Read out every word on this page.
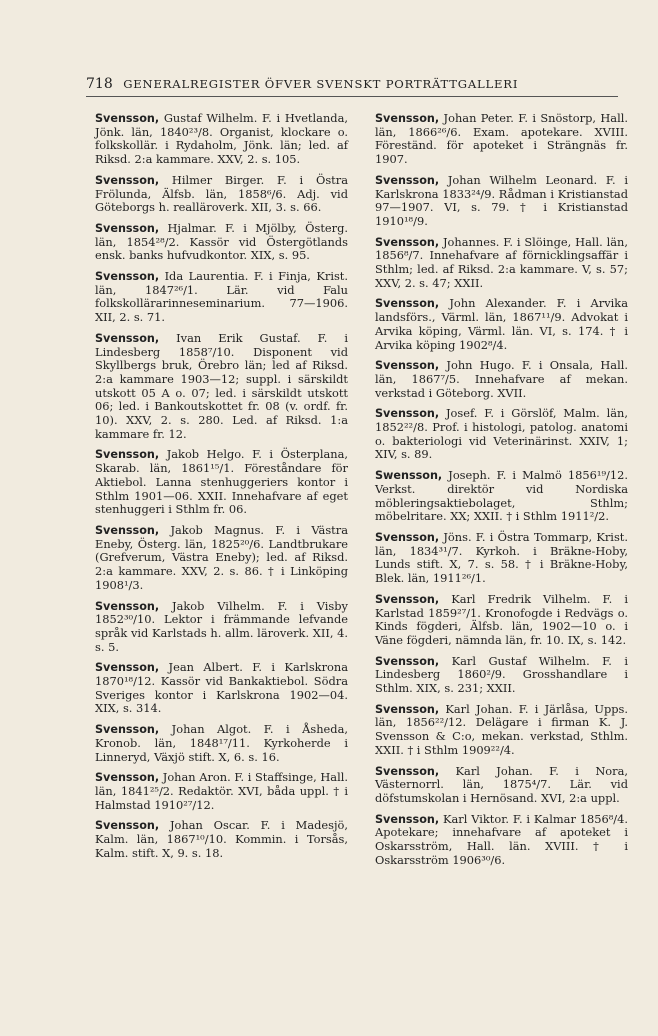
718 GENERALREGISTER ÖFVER SVENSKT PORTRÄTTGALLERI

Svensson, Gustaf Wilhelm. F. i Hvetlanda, Jönk. län, 1840²³/8. Organist, klockare o. folkskollär. i Rydaholm, Jönk. län; led. af Riksd. 2:a kammare. XXV, 2. s. 105.

Svensson, Hilmer Birger. F. i Östra Frölunda, Älfsb. län, 1858⁶/6. Adj. vid Göteborgs h. realläroverk. XII, 3. s. 66.

Svensson, Hjalmar. F. i Mjölby, Österg. län, 1854²⁸/2. Kassör vid Östergötlands ensk. banks hufvudkontor. XIX, s. 95.

Svensson, Ida Laurentia. F. i Finja, Krist. län, 1847²⁶/1. Lär. vid Falu folkskollärarinneseminarium. 77—1906. XII, 2. s. 71.

Svensson, Ivan Erik Gustaf. F. i Lindesberg 1858⁷/10. Disponent vid Skyllbergs bruk, Örebro län; led af Riksd. 2:a kammare 1903—12; suppl. i särskildt utskott 05 A o. 07; led. i särskildt utskott 06; led. i Bankoutskottet fr. 08 (v. ordf. fr. 10). XXV, 2. s. 280. Led. af Riksd. 1:a kammare fr. 12.

Svensson, Jakob Helgo. F. i Österplana, Skarab. län, 1861¹⁵/1. Föreståndare för Aktiebol. Lanna stenhuggeriers kontor i Sthlm 1901—06. XXII. Innehafvare af eget stenhuggeri i Sthlm fr. 06.

Svensson, Jakob Magnus. F. i Västra Eneby, Österg. län, 1825²⁰/6. Landtbrukare (Grefverum, Västra Eneby); led. af Riksd. 2:a kammare. XXV, 2. s. 86. † i Linköping 1908¹/3.

Svensson, Jakob Vilhelm. F. i Visby 1852³⁰/10. Lektor i främmande lefvande språk vid Karlstads h. allm. läroverk. XII, 4. s. 5.

Svensson, Jean Albert. F. i Karlskrona 1870¹⁸/12. Kassör vid Bankaktiebol. Södra Sveriges kontor i Karlskrona 1902—04. XIX, s. 314.

Svensson, Johan Algot. F. i Åsheda, Kronob. län, 1848¹⁷/11. Kyrkoherde i Linneryd, Växjö stift. X, 6. s. 16.

Svensson, Johan Aron. F. i Staffsinge, Hall. län, 1841²⁵/2. Redaktör. XVI, båda uppl. † i Halmstad 1910²⁷/12.

Svensson, Johan Oscar. F. i Madesjö, Kalm. län, 1867¹⁰/10. Kommin. i Torsås, Kalm. stift. X, 9. s. 18.

Svensson, Johan Peter. F. i Snöstorp, Hall. län, 1866²⁶/6. Exam. apotekare. XVIII. Föreständ. för apoteket i Strängnäs fr. 1907.

Svensson, Johan Wilhelm Leonard. F. i Karlskrona 1833²⁴/9. Rådman i Kristianstad 97—1907. VI, s. 79. † i Kristianstad 1910¹⁸/9.

Svensson, Johannes. F. i Slöinge, Hall. län, 1856⁸/7. Innehafvare af förnicklingsaffär i Sthlm; led. af Riksd. 2:a kammare. V, s. 57; XXV, 2. s. 47; XXII.

Svensson, John Alexander. F. i Arvika landsförs., Värml. län, 1867¹¹/9. Advokat i Arvika köping, Värml. län. VI, s. 174. † i Arvika köping 1902⁸/4.

Svensson, John Hugo. F. i Onsala, Hall. län, 1867⁷/5. Innehafvare af mekan. verkstad i Göteborg. XVII.

Svensson, Josef. F. i Görslöf, Malm. län, 1852²²/8. Prof. i histologi, patolog. anatomi o. bakteriologi vid Veterinärinst. XXIV, 1; XIV, s. 89.

Swensson, Joseph. F. i Malmö 1856¹⁹/12. Verkst. direktör vid Nordiska möbleringsaktiebolaget, Sthlm; möbelritare. XX; XXII. † i Sthlm 1911²/2.

Svensson, Jöns. F. i Östra Tommarp, Krist. län, 1834³¹/7. Kyrkoh. i Bräkne-Hoby, Lunds stift. X, 7. s. 58. † i Bräkne-Hoby, Blek. län, 1911²⁶/1.

Svensson, Karl Fredrik Vilhelm. F. i Karlstad 1859²⁷/1. Kronofogde i Redvägs o. Kinds fögderi, Älfsb. län, 1902—10 o. i Väne fögderi, nämnda län, fr. 10. IX, s. 142.

Svensson, Karl Gustaf Wilhelm. F. i Lindesberg 1860²/9. Grosshandlare i Sthlm. XIX, s. 231; XXII.

Svensson, Karl Johan. F. i Järlåsa, Upps. län, 1856²²/12. Delägare i firman K. J. Svensson & C:o, mekan. verkstad, Sthlm. XXII. † i Sthlm 1909²²/4.

Svensson, Karl Johan. F. i Nora, Västernorrl. län, 1875⁴/7. Lär. vid döfstumskolan i Hernösand. XVI, 2:a uppl.

Svensson, Karl Viktor. F. i Kalmar 1856⁸/4. Apotekare; innehafvare af apoteket i Oskarsström, Hall. län. XVIII. † i Oskarsström 1906³⁰/6.
